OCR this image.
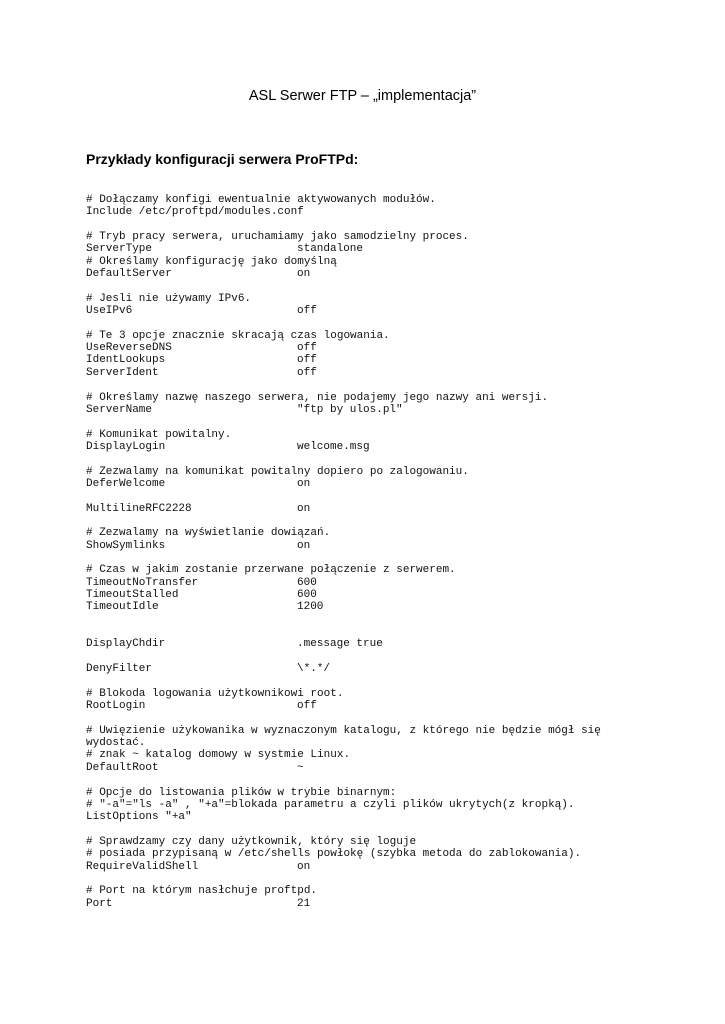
ASL Serwer FTP – „implementacja”
Przykłady konfiguracji serwera ProFTPd:
# Dołączamy konfigi ewentualnie aktywowanych modułów.
Include /etc/proftpd/modules.conf
# Tryb pracy serwera, uruchamiamy jako samodzielny proces.
ServerType	standalone
# Określamy konfigurację jako domyślną
DefaultServer	on
# Jesli nie używamy IPv6.
UseIPv6	off
# Te 3 opcje znacznie skracają czas logowania.
UseReverseDNS	off
IdentLookups	off
ServerIdent	off
# Określamy nazwę naszego serwera, nie podajemy jego nazwy ani wersji.
ServerName	"ftp by ulos.pl"
# Komunikat powitalny.
DisplayLogin	welcome.msg
# Zezwalamy na komunikat powitalny dopiero po zalogowaniu.
DeferWelcome	on
MultilineRFC2228	on
# Zezwalamy na wyświetlanie dowiązań.
ShowSymlinks	on
# Czas w jakim zostanie przerwane połączenie z serwerem.
TimeoutNoTransfer	600
TimeoutStalled	600
TimeoutIdle	1200
DisplayChdir	.message true
DenyFilter	\*.*/
# Blokoda logowania użytkownikowi root.
RootLogin	off
# Uwięzienie użykowanika w wyznaczonym katalogu, z którego nie będzie mógł się
wydostać.
# znak ~ katalog domowy w systmie Linux.
DefaultRoot	~
# Opcje do listowania plików w trybie binarnym:
# "-a"="ls -a" , "+a"=blokada parametru a czyli plików ukrytych(z kropką).
ListOptions "+a"
# Sprawdzamy czy dany użytkownik, który się loguje
# posiada przypisaną w /etc/shells powłokę (szybka metoda do zablokowania).
RequireValidShell	on
# Port na którym nasłchuje proftpd.
Port	21
